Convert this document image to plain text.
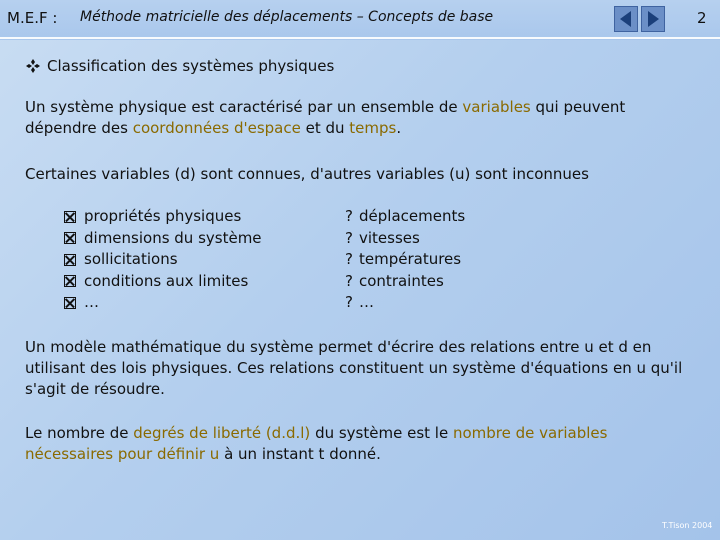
M.E.F : Méthode matricielle des déplacements – Concepts de base	2
Classification des systèmes physiques

Un système physique est caractérisé par un ensemble de variables qui peuvent dépendre des coordonnées d'espace et du temps.

Certaines variables (d) sont connues, d'autres variables (u) sont inconnues

propriétés physiques
dimensions du système
sollicitations
conditions aux limites
…
? déplacements
? vitesses
? températures
? contraintes
? …

Un modèle mathématique du système permet d'écrire des relations entre u et d en utilisant des lois physiques. Ces relations constituent un système d'équations en u qu'il s'agit de résoudre.

Le nombre de degrés de liberté (d.d.l) du système est le nombre de variables nécessaires pour définir u à un instant t donné.

T.Tison 2004
